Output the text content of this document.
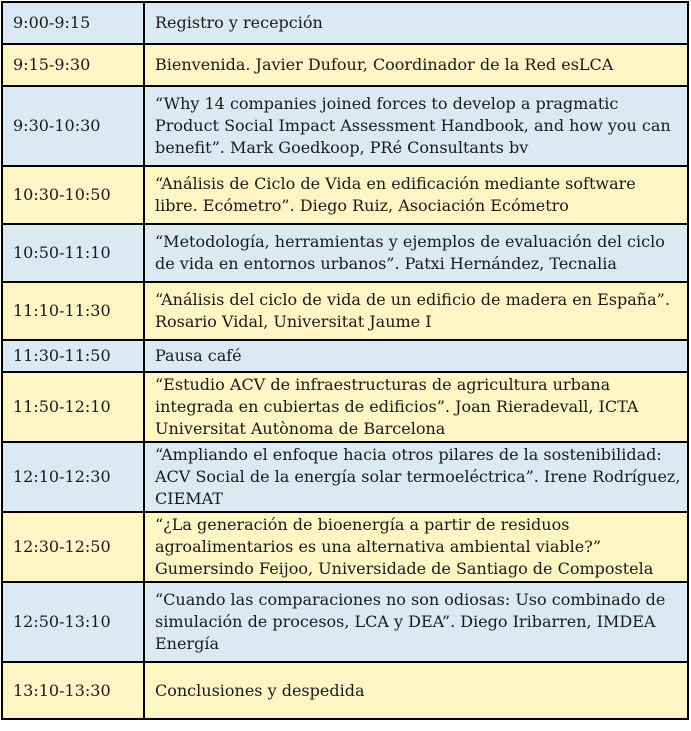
9:00-9:15	Registro y recepción
9:15-9:30	Bienvenida. Javier Dufour, Coordinador de la Red esLCA
9:30-10:30	“Why 14 companies joined forces to develop a pragmatic Product Social Impact Assessment Handbook, and how you can benefit”. Mark Goedkoop, PRé Consultants bv
10:30-10:50	“Análisis de Ciclo de Vida en edificación mediante software libre. Ecómetro”. Diego Ruiz, Asociación Ecómetro
10:50-11:10	“Metodología, herramientas y ejemplos de evaluación del ciclo de vida en entornos urbanos”. Patxi Hernández, Tecnalia
11:10-11:30	“Análisis del ciclo de vida de un edificio de madera en España”. Rosario Vidal, Universitat Jaume I
11:30-11:50	Pausa café
11:50-12:10	“Estudio ACV de infraestructuras de agricultura urbana integrada en cubiertas de edificios”. Joan Rieradevall, ICTA Universitat Autònoma de Barcelona
12:10-12:30	“Ampliando el enfoque hacia otros pilares de la sostenibilidad: ACV Social de la energía solar termoeléctrica”. Irene Rodríguez, CIEMAT
12:30-12:50	“¿La generación de bioenergía a partir de residuos agroalimentarios es una alternativa ambiental viable?” Gumersindo Feijoo, Universidade de Santiago de Compostela
12:50-13:10	“Cuando las comparaciones no son odiosas: Uso combinado de simulación de procesos, LCA y DEA”. Diego Iribarren, IMDEA Energía
13:10-13:30	Conclusiones y despedida
